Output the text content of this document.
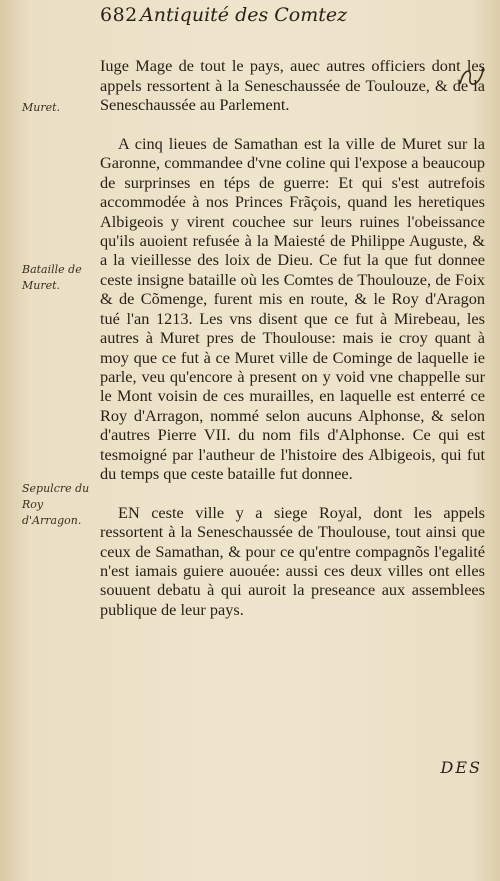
682 Antiquité des Comtez
Muret.
Bataille de Muret.
Sepulcre du Roy d'Arragon.

Iuge Mage de tout le pays, auec autres officiers dont les appels ressortent à la Seneschaussée de Toulouze, & de la Seneschaussée au Parlement.

A cinq lieues de Samathan est la ville de Muret sur la Garonne, commandee d'vne coline qui l'expose a beaucoup de surprinses en téps de guerre: Et qui s'est autrefois accommodée à nos Princes Frãçois, quand les heretiques Albigeois y virent couchee sur leurs ruines l'obeissance qu'ils auoient refusée à la Maiesté de Philippe Auguste, & a la vieillesse des loix de Dieu. Ce fut la que fut donnee ceste insigne bataille où les Comtes de Thoulouze, de Foix & de Cõmenge, furent mis en route, & le Roy d'Aragon tué l'an 1213. Les vns disent que ce fut à Mirebeau, les autres à Muret pres de Thoulouse: mais ie croy quant à moy que ce fut à ce Muret ville de Cominge de laquelle ie parle, veu qu'encore à present on y void vne chappelle sur le Mont voisin de ces murailles, en laquelle est enterré ce Roy d'Arragon, nommé selon aucuns Alphonse, & selon d'autres Pierre VII. du nom fils d'Alphonse. Ce qui est tesmoigné par l'autheur de l'histoire des Albigeois, qui fut du temps que ceste bataille fut donnee.

EN ceste ville y a siege Royal, dont les appels ressortent à la Seneschaussée de Thoulouse, tout ainsi que ceux de Samathan, & pour ce qu'entre compagnõs l'egalité n'est iamais guiere auouée: aussi ces deux villes ont elles souuent debatu à qui auroit la preseance aux assemblees publique de leur pays.

DES
